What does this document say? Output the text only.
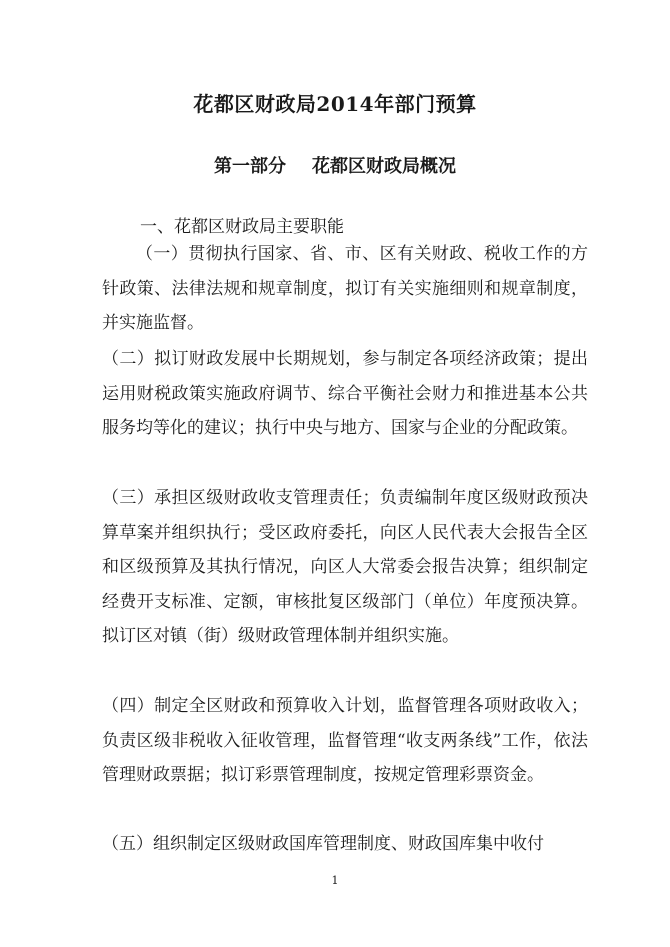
花都区财政局2014年部门预算
第一部分 花都区财政局概况
一、花都区财政局主要职能

（一）贯彻执行国家、省、市、区有关财政、税收工作的方针政策、法律法规和规章制度，拟订有关实施细则和规章制度，并实施监督。

（二）拟订财政发展中长期规划，参与制定各项经济政策；提出运用财税政策实施政府调节、综合平衡社会财力和推进基本公共服务均等化的建议；执行中央与地方、国家与企业的分配政策。

（三）承担区级财政收支管理责任；负责编制年度区级财政预决算草案并组织执行；受区政府委托，向区人民代表大会报告全区和区级预算及其执行情况，向区人大常委会报告决算；组织制定经费开支标准、定额，审核批复区级部门（单位）年度预决算。拟订区对镇（街）级财政管理体制并组织实施。

（四）制定全区财政和预算收入计划，监督管理各项财政收入；负责区级非税收入征收管理，监督管理“收支两条线”工作，依法管理财政票据；拟订彩票管理制度，按规定管理彩票资金。

（五）组织制定区级财政国库管理制度、财政国库集中收付

1
